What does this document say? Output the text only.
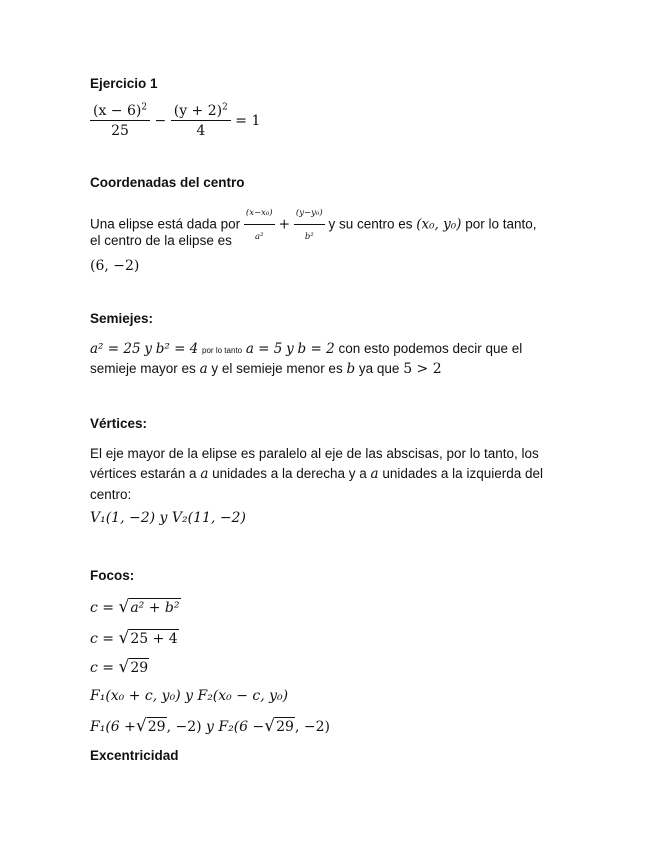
Ejercicio 1
$\frac{(x - 6)^2}{25} - \frac{(y + 2)^2}{4} = 1$
Coordenadas del centro
Una elipse está dada por $\frac{\text{(x−x₀)}}{\text{a²}} + \frac{\text{(y−y₀)}}{\text{b²}}$ y su centro es (x₀, y₀) por lo tanto,
el centro de la elipse es
(6, −2)
Semiejes:
a² = 25 y b² = 4 por lo tanto a = 5 y b = 2 con esto podemos decir que el
semieje mayor es a y el semieje menor es b ya que 5 > 2
Vértices:
El eje mayor de la elipse es paralelo al eje de las abscisas, por lo tanto, los
vértices estarán a a unidades a la derecha y a a unidades a la izquierda del
centro:
V₁(1, −2) y V₂(11, −2)
Focos:
c = √a² + b²
c = √25 + 4
c = √29
F₁(x₀ + c, y₀) y F₂(x₀ − c, y₀)
F₁(6 +√29, −2) y F₂(6 −√29, −2)
Excentricidad
